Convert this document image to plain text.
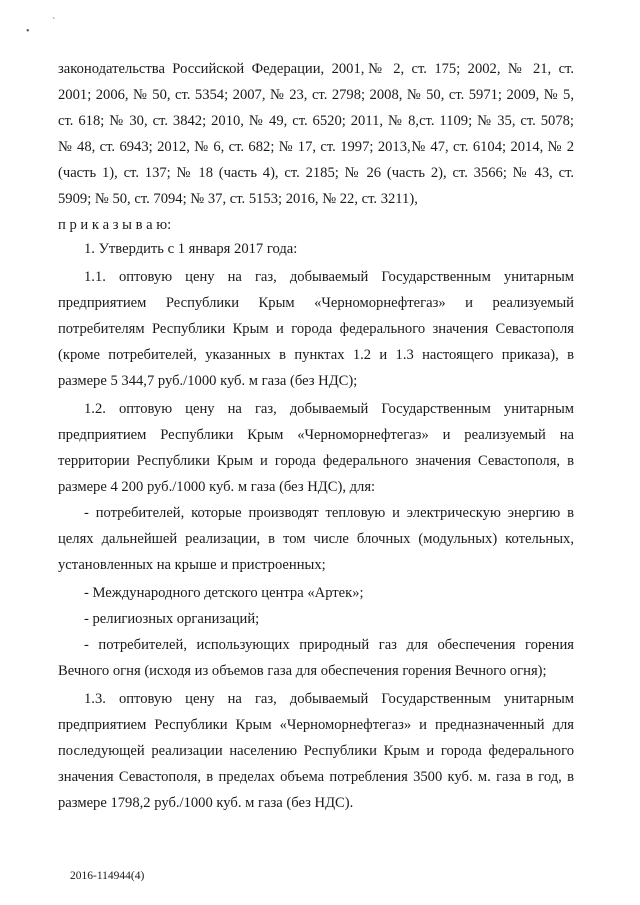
•
`
законодательства Российской Федерации, 2001,№ 2, ст. 175; 2002, № 21, ст.
2001; 2006, № 50, ст. 5354; 2007, № 23, ст. 2798; 2008, № 50, ст. 5971; 2009, № 5,
ст. 618; № 30, ст. 3842; 2010, № 49, ст. 6520; 2011, № 8,ст. 1109; № 35, ст. 5078;
№ 48, ст. 6943; 2012, № 6, ст. 682; № 17, ст. 1997; 2013,№ 47, ст. 6104; 2014, № 2
(часть 1), ст. 137; № 18 (часть 4), ст. 2185; № 26 (часть 2), ст. 3566; № 43, ст.
5909; № 50, ст. 7094; № 37, ст. 5153; 2016, № 22, ст. 3211),
п р и к а з ы в а ю:
1. Утвердить с 1 января 2017 года:
1.1. оптовую цену на газ, добываемый Государственным унитарным
предприятием Республики Крым «Черноморнефтегаз» и реализуемый
потребителям Республики Крым и города федерального значения Севастополя
(кроме потребителей, указанных в пунктах 1.2 и 1.3 настоящего приказа), в
размере 5 344,7 руб./1000 куб. м газа (без НДС);
1.2. оптовую цену на газ, добываемый Государственным унитарным
предприятием Республики Крым «Черноморнефтегаз» и реализуемый на
территории Республики Крым и города федерального значения Севастополя, в
размере 4 200 руб./1000 куб. м газа (без НДС), для:
- потребителей, которые производят тепловую и электрическую энергию в
целях дальнейшей реализации, в том числе блочных (модульных) котельных,
установленных на крыше и пристроенных;
- Международного детского центра «Артек»;
- религиозных организаций;
- потребителей, использующих природный газ для обеспечения горения
Вечного огня (исходя из объемов газа для обеспечения горения Вечного огня);
1.3. оптовую цену на газ, добываемый Государственным унитарным
предприятием Республики Крым «Черноморнефтегаз» и предназначенный для
последующей реализации населению Республики Крым и города федерального
значения Севастополя, в пределах объема потребления 3500 куб. м. газа в год, в
размере 1798,2 руб./1000 куб. м газа (без НДС).
2016-114944(4)
